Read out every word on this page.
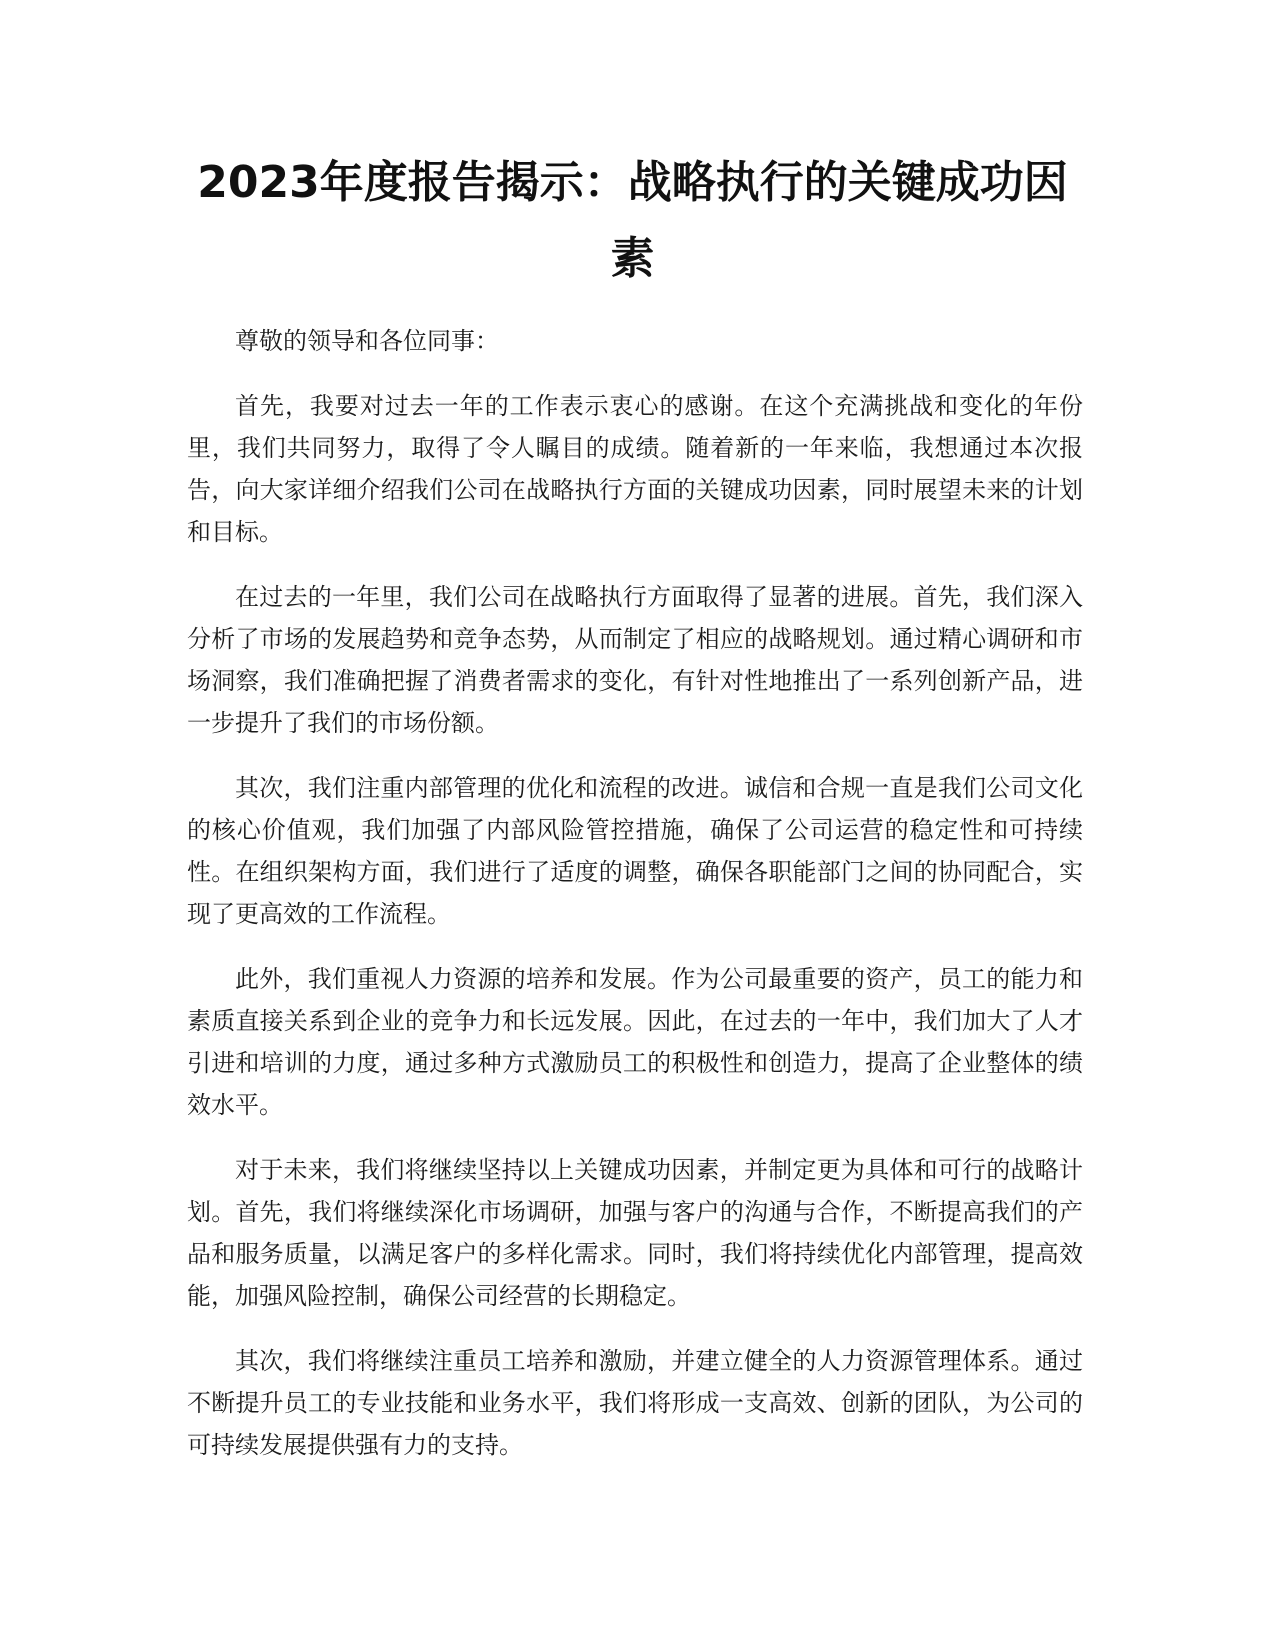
2023年度报告揭示：战略执行的关键成功因素

尊敬的领导和各位同事：

首先，我要对过去一年的工作表示衷心的感谢。在这个充满挑战和变化的年份里，我们共同努力，取得了令人瞩目的成绩。随着新的一年来临，我想通过本次报告，向大家详细介绍我们公司在战略执行方面的关键成功因素，同时展望未来的计划和目标。

在过去的一年里，我们公司在战略执行方面取得了显著的进展。首先，我们深入分析了市场的发展趋势和竞争态势，从而制定了相应的战略规划。通过精心调研和市场洞察，我们准确把握了消费者需求的变化，有针对性地推出了一系列创新产品，进一步提升了我们的市场份额。

其次，我们注重内部管理的优化和流程的改进。诚信和合规一直是我们公司文化的核心价值观，我们加强了内部风险管控措施，确保了公司运营的稳定性和可持续性。在组织架构方面，我们进行了适度的调整，确保各职能部门之间的协同配合，实现了更高效的工作流程。

此外，我们重视人力资源的培养和发展。作为公司最重要的资产，员工的能力和素质直接关系到企业的竞争力和长远发展。因此，在过去的一年中，我们加大了人才引进和培训的力度，通过多种方式激励员工的积极性和创造力，提高了企业整体的绩效水平。

对于未来，我们将继续坚持以上关键成功因素，并制定更为具体和可行的战略计划。首先，我们将继续深化市场调研，加强与客户的沟通与合作，不断提高我们的产品和服务质量，以满足客户的多样化需求。同时，我们将持续优化内部管理，提高效能，加强风险控制，确保公司经营的长期稳定。

其次，我们将继续注重员工培养和激励，并建立健全的人力资源管理体系。通过不断提升员工的专业技能和业务水平，我们将形成一支高效、创新的团队，为公司的可持续发展提供强有力的支持。
